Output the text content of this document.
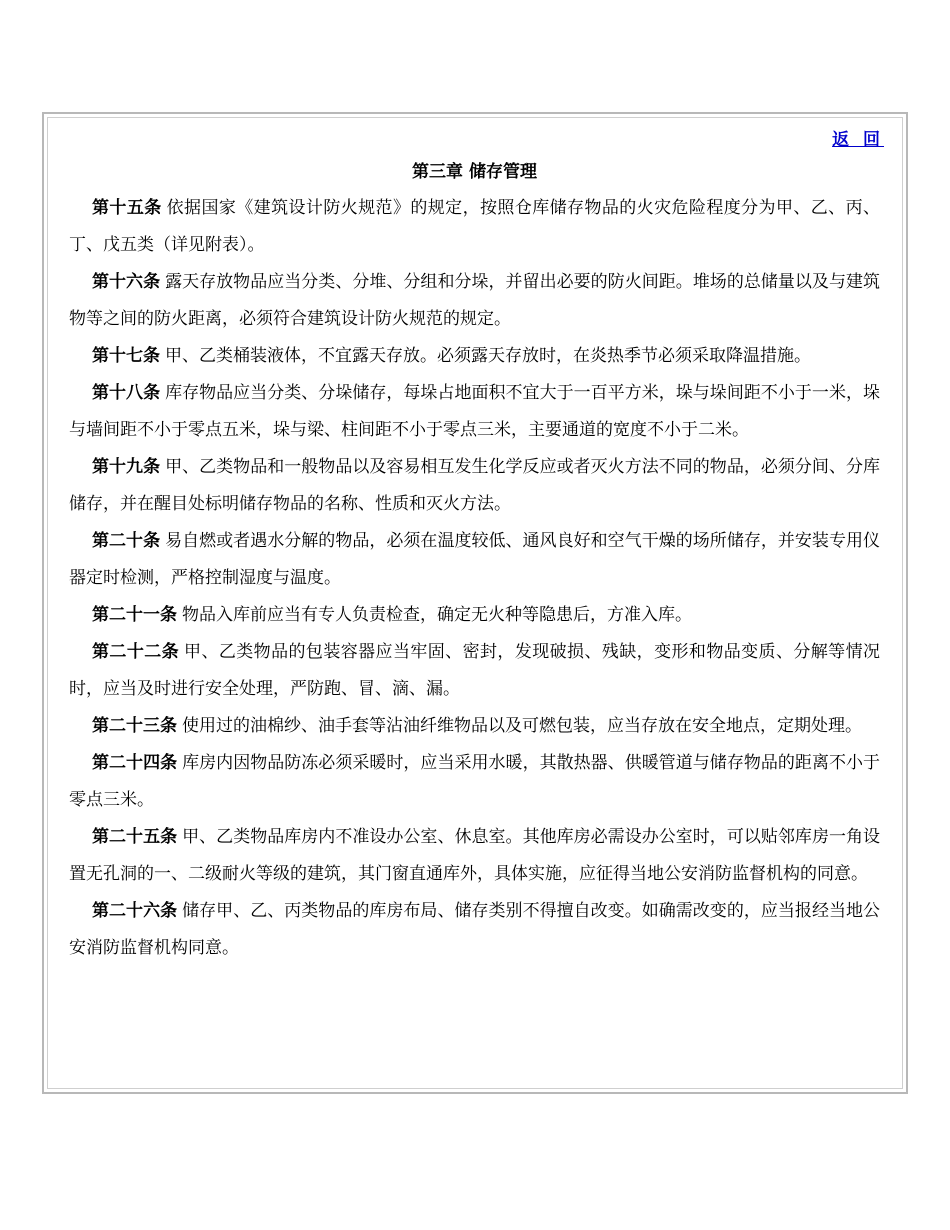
返 回
第三章 储存管理

第十五条 依据国家《建筑设计防火规范》的规定，按照仓库储存物品的火灾危险程度分为甲、乙、丙、丁、戊五类（详见附表）。

第十六条 露天存放物品应当分类、分堆、分组和分垛，并留出必要的防火间距。堆场的总储量以及与建筑物等之间的防火距离，必须符合建筑设计防火规范的规定。

第十七条 甲、乙类桶装液体，不宜露天存放。必须露天存放时，在炎热季节必须采取降温措施。

第十八条 库存物品应当分类、分垛储存，每垛占地面积不宜大于一百平方米，垛与垛间距不小于一米，垛与墙间距不小于零点五米，垛与梁、柱间距不小于零点三米，主要通道的宽度不小于二米。

第十九条 甲、乙类物品和一般物品以及容易相互发生化学反应或者灭火方法不同的物品，必须分间、分库储存，并在醒目处标明储存物品的名称、性质和灭火方法。

第二十条 易自燃或者遇水分解的物品，必须在温度较低、通风良好和空气干燥的场所储存，并安装专用仪器定时检测，严格控制湿度与温度。

第二十一条 物品入库前应当有专人负责检查，确定无火种等隐患后，方准入库。

第二十二条 甲、乙类物品的包装容器应当牢固、密封，发现破损、残缺，变形和物品变质、分解等情况时，应当及时进行安全处理，严防跑、冒、滴、漏。

第二十三条 使用过的油棉纱、油手套等沾油纤维物品以及可燃包装，应当存放在安全地点，定期处理。

第二十四条 库房内因物品防冻必须采暖时，应当采用水暖，其散热器、供暖管道与储存物品的距离不小于零点三米。

第二十五条 甲、乙类物品库房内不准设办公室、休息室。其他库房必需设办公室时，可以贴邻库房一角设置无孔洞的一、二级耐火等级的建筑，其门窗直通库外，具体实施，应征得当地公安消防监督机构的同意。

第二十六条 储存甲、乙、丙类物品的库房布局、储存类别不得擅自改变。如确需改变的，应当报经当地公安消防监督机构同意。
